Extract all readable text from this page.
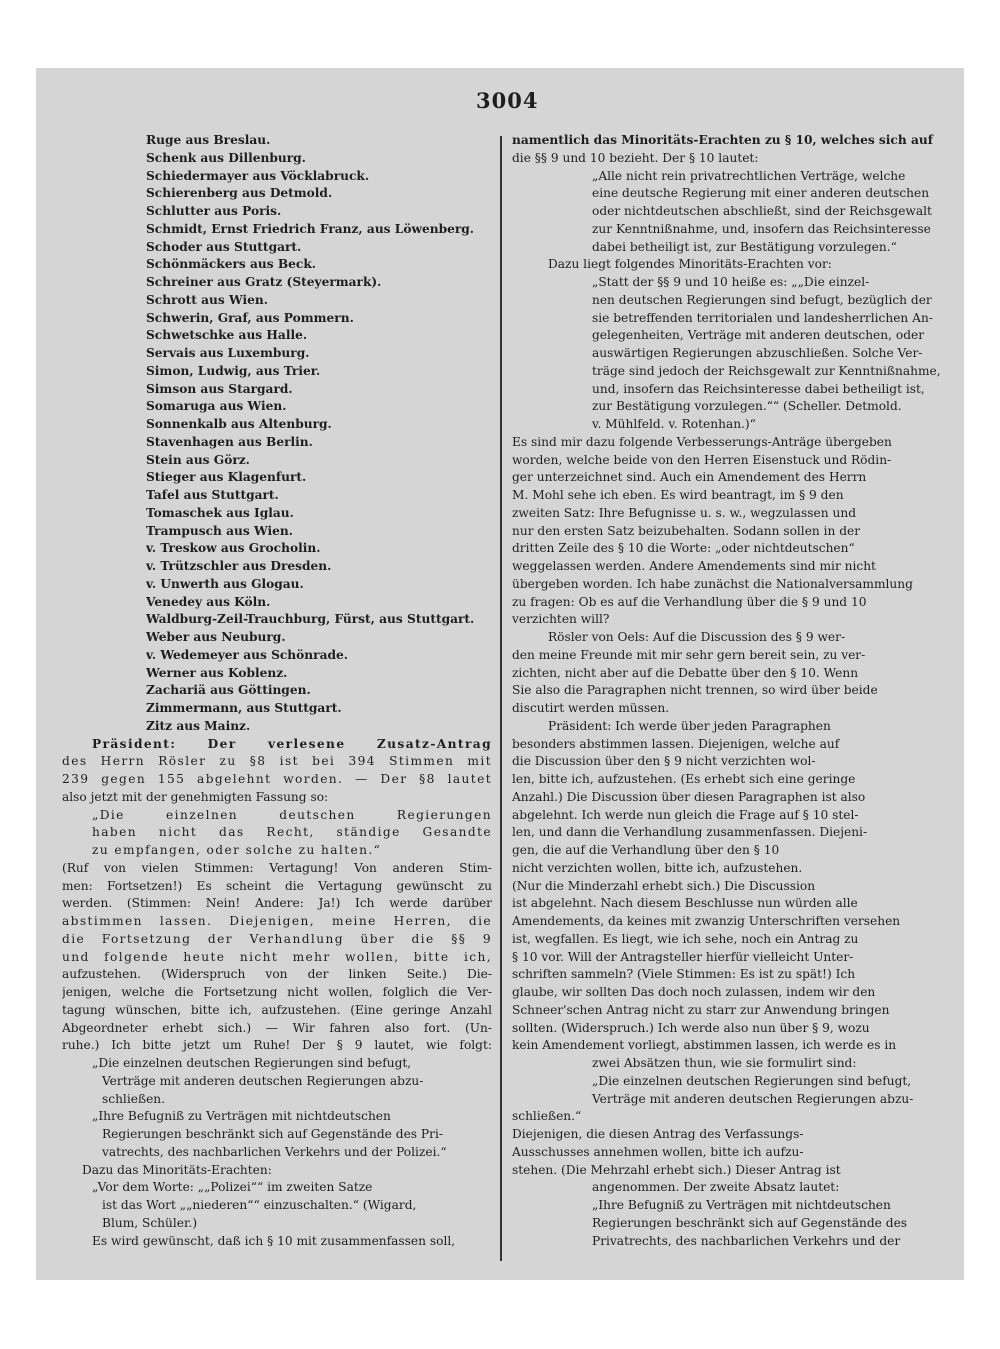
3004
Ruge aus Breslau.
Schenk aus Dillenburg.
Schiedermayer aus Vöcklabruck.
Schierenberg aus Detmold.
Schlutter aus Poris.
Schmidt, Ernst Friedrich Franz, aus Löwenberg.
Schoder aus Stuttgart.
Schönmäckers aus Beck.
Schreiner aus Gratz (Steyermark).
Schrott aus Wien.
Schwerin, Graf, aus Pommern.
Schwetschke aus Halle.
Servais aus Luxemburg.
Simon, Ludwig, aus Trier.
Simson aus Stargard.
Somaruga aus Wien.
Sonnenkalb aus Altenburg.
Stavenhagen aus Berlin.
Stein aus Görz.
Stieger aus Klagenfurt.
Tafel aus Stuttgart.
Tomaschek aus Iglau.
Trampusch aus Wien.
v. Treskow aus Grocholin.
v. Trützschler aus Dresden.
v. Unwerth aus Glogau.
Venedey aus Köln.
Waldburg-Zeil-Trauchburg, Fürst, aus Stuttgart.
Weber aus Neuburg.
v. Wedemeyer aus Schönrade.
Werner aus Koblenz.
Zachariä aus Göttingen.
Zimmermann, aus Stuttgart.
Zitz aus Mainz.
Präsident: Der verlesene Zusatz-Antrag
des Herrn Rösler zu §8 ist bei 394 Stimmen mit
239 gegen 155 abgelehnt worden. — Der §8 lautet
also jetzt mit der genehmigten Fassung so:
„Die einzelnen deutschen Regierungen
haben nicht das Recht, ständige Gesandte
zu empfangen, oder solche zu halten.“
(Ruf von vielen Stimmen: Vertagung! Von anderen Stim-
men: Fortsetzen!) Es scheint die Vertagung gewünscht zu
werden. (Stimmen: Nein! Andere: Ja!) Ich werde darüber
abstimmen lassen. Diejenigen, meine Herren, die
die Fortsetzung der Verhandlung über die §§ 9
und folgende heute nicht mehr wollen, bitte ich,
aufzustehen. (Widerspruch von der linken Seite.) Die-
jenigen, welche die Fortsetzung nicht wollen, folglich die Ver-
tagung wünschen, bitte ich, aufzustehen. (Eine geringe Anzahl
Abgeordneter erhebt sich.) — Wir fahren also fort. (Un-
ruhe.) Ich bitte jetzt um Ruhe! Der § 9 lautet, wie folgt:
„Die einzelnen deutschen Regierungen sind befugt,
Verträge mit anderen deutschen Regierungen abzu-
schließen.
„Ihre Befugniß zu Verträgen mit nichtdeutschen
Regierungen beschränkt sich auf Gegenstände des Pri-
vatrechts, des nachbarlichen Verkehrs und der Polizei.“
Dazu das Minoritäts-Erachten:
„Vor dem Worte: „„Polizei““ im zweiten Satze
ist das Wort „„niederen““ einzuschalten.“ (Wigard,
Blum, Schüler.)
Es wird gewünscht, daß ich § 10 mit zusammenfassen soll,
namentlich das Minoritäts-Erachten zu § 10, welches sich auf
die §§ 9 und 10 bezieht. Der § 10 lautet:
„Alle nicht rein privatrechtlichen Verträge, welche
eine deutsche Regierung mit einer anderen deutschen
oder nichtdeutschen abschließt, sind der Reichsgewalt
zur Kenntnißnahme, und, insofern das Reichsinteresse
dabei betheiligt ist, zur Bestätigung vorzulegen.“
Dazu liegt folgendes Minoritäts-Erachten vor:
„Statt der §§ 9 und 10 heiße es: „„Die einzel-
nen deutschen Regierungen sind befugt, bezüglich der
sie betreffenden territorialen und landesherrlichen An-
gelegenheiten, Verträge mit anderen deutschen, oder
auswärtigen Regierungen abzuschließen. Solche Ver-
träge sind jedoch der Reichsgewalt zur Kenntnißnahme,
und, insofern das Reichsinteresse dabei betheiligt ist,
zur Bestätigung vorzulegen.““ (Scheller. Detmold.
v. Mühlfeld. v. Rotenhan.)“
Es sind mir dazu folgende Verbesserungs-Anträge übergeben
worden, welche beide von den Herren Eisenstuck und Rödin-
ger unterzeichnet sind. Auch ein Amendement des Herrn
M. Mohl sehe ich eben. Es wird beantragt, im § 9 den
zweiten Satz: Ihre Befugnisse u. s. w., wegzulassen und
nur den ersten Satz beizubehalten. Sodann sollen in der
dritten Zeile des § 10 die Worte: „oder nichtdeutschen“
weggelassen werden. Andere Amendements sind mir nicht
übergeben worden. Ich habe zunächst die Nationalversammlung
zu fragen: Ob es auf die Verhandlung über die § 9 und 10
verzichten will?
Rösler von Oels: Auf die Discussion des § 9 wer-
den meine Freunde mit mir sehr gern bereit sein, zu ver-
zichten, nicht aber auf die Debatte über den § 10. Wenn
Sie also die Paragraphen nicht trennen, so wird über beide
discutirt werden müssen.
Präsident: Ich werde über jeden Paragraphen
besonders abstimmen lassen. Diejenigen, welche auf
die Discussion über den § 9 nicht verzichten wol-
len, bitte ich, aufzustehen. (Es erhebt sich eine geringe
Anzahl.) Die Discussion über diesen Paragraphen ist also
abgelehnt. Ich werde nun gleich die Frage auf § 10 stel-
len, und dann die Verhandlung zusammenfassen. Diejeni-
gen, die auf die Verhandlung über den § 10
nicht verzichten wollen, bitte ich, aufzustehen.
(Nur die Minderzahl erhebt sich.) Die Discussion
ist abgelehnt. Nach diesem Beschlusse nun würden alle
Amendements, da keines mit zwanzig Unterschriften versehen
ist, wegfallen. Es liegt, wie ich sehe, noch ein Antrag zu
§ 10 vor. Will der Antragsteller hierfür vielleicht Unter-
schriften sammeln? (Viele Stimmen: Es ist zu spät!) Ich
glaube, wir sollten Das doch noch zulassen, indem wir den
Schneer'schen Antrag nicht zu starr zur Anwendung bringen
sollten. (Widerspruch.) Ich werde also nun über § 9, wozu
kein Amendement vorliegt, abstimmen lassen, ich werde es in
zwei Absätzen thun, wie sie formulirt sind:
„Die einzelnen deutschen Regierungen sind befugt,
Verträge mit anderen deutschen Regierungen abzu-
schließen.“
Diejenigen, die diesen Antrag des Verfassungs-
Ausschusses annehmen wollen, bitte ich aufzu-
stehen. (Die Mehrzahl erhebt sich.) Dieser Antrag ist
angenommen. Der zweite Absatz lautet:
„Ihre Befugniß zu Verträgen mit nichtdeutschen
Regierungen beschränkt sich auf Gegenstände des
Privatrechts, des nachbarlichen Verkehrs und der
